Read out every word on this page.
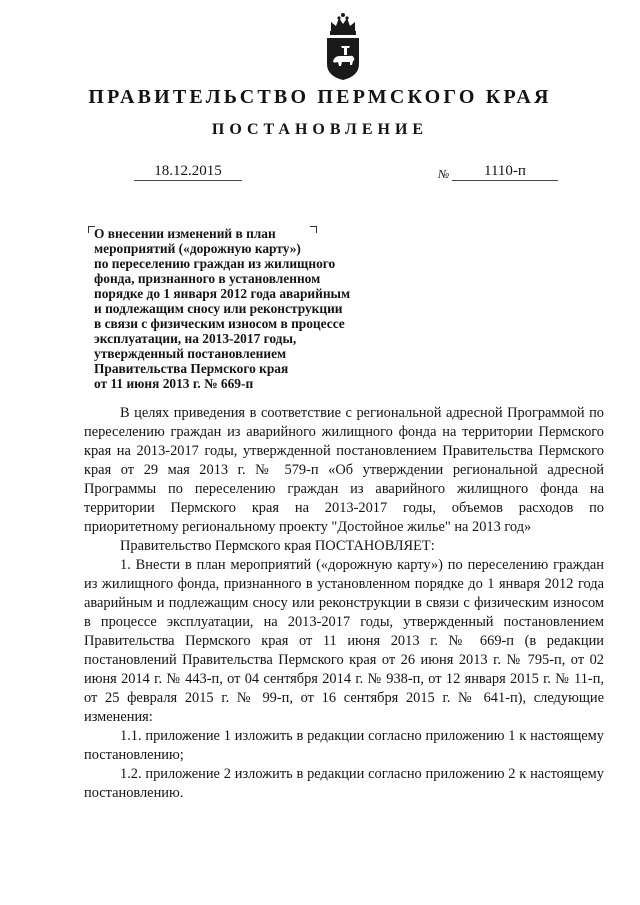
ПРАВИТЕЛЬСТВО ПЕРМСКОГО КРАЯ
ПОСТАНОВЛЕНИЕ
18.12.2015	№	1110-п
О внесении изменений в план
мероприятий («дорожную карту»)
по переселению граждан из жилищного
фонда, признанного в установленном
порядке до 1 января 2012 года аварийным
и подлежащим сносу или реконструкции
в связи с физическим износом в процессе
эксплуатации, на 2013-2017 годы,
утвержденный постановлением
Правительства Пермского края
от 11 июня 2013 г. № 669-п

В целях приведения в соответствие с региональной адресной Программой по переселению граждан из аварийного жилищного фонда на территории Пермского края на 2013-2017 годы, утвержденной постановлением Правительства Пермского края от 29 мая 2013 г. № 579-п «Об утверждении региональной адресной Программы по переселению граждан из аварийного жилищного фонда на территории Пермского края на 2013-2017 годы, объемов расходов по приоритетному региональному проекту "Достойное жилье" на 2013 год»

Правительство Пермского края ПОСТАНОВЛЯЕТ:

1. Внести в план мероприятий («дорожную карту») по переселению граждан из жилищного фонда, признанного в установленном порядке до 1 января 2012 года аварийным и подлежащим сносу или реконструкции в связи с физическим износом в процессе эксплуатации, на 2013-2017 годы, утвержденный постановлением Правительства Пермского края от 11 июня 2013 г. № 669-п (в редакции постановлений Правительства Пермского края от 26 июня 2013 г. № 795-п, от 02 июня 2014 г. № 443-п, от 04 сентября 2014 г. № 938-п, от 12 января 2015 г. № 11-п, от 25 февраля 2015 г. № 99-п, от 16 сентября 2015 г. № 641-п), следующие изменения:

1.1. приложение 1 изложить в редакции согласно приложению 1 к настоящему постановлению;

1.2. приложение 2 изложить в редакции согласно приложению 2 к настоящему постановлению.
